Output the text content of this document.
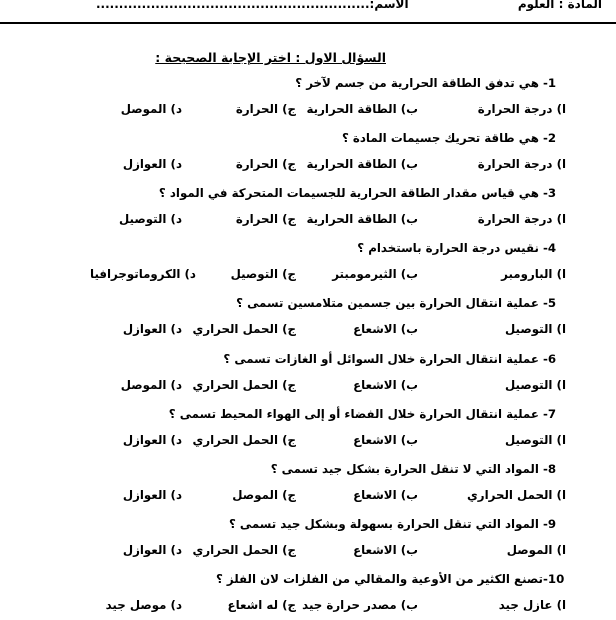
المادة : العلوم
الاسم:............................................................
السؤال الاول : اختر الإجابة الصحيحة :
1- هي تدفق الطاقة الحرارية من جسم لآخر ؟
ا) درجة الحرارة
ب) الطاقة الحرارية
ج) الحرارة
د) الموصل
2- هي طاقة تحريك جسيمات المادة ؟
ا) درجة الحرارة
ب) الطاقة الحرارية
ج) الحرارة
د) العوازل
3- هي قياس مقدار الطاقة الحرارية للجسيمات المتحركة في المواد ؟
ا) درجة الحرارة
ب) الطاقة الحرارية
ج) الحرارة
د) التوصيل
4- نقيس درجة الحرارة باستخدام ؟
ا) البارومبر
ب) الثيرمومبتر
ج) التوصيل
د) الكروماتوجرافيا
5- عملية انتقال الحرارة بين جسمين متلامسين تسمى ؟
ا) التوصيل
ب) الاشعاع
ج) الحمل الحراري
د) العوازل
6- عملية انتقال الحرارة خلال السوائل أو الغازات تسمى ؟
ا) التوصيل
ب) الاشعاع
ج) الحمل الحراري
د) الموصل
7- عملية انتقال الحرارة خلال الفضاء أو إلى الهواء المحيط تسمى ؟
ا) التوصيل
ب) الاشعاع
ج) الحمل الحراري
د) العوازل
8- المواد التي لا تنقل الحرارة بشكل جيد تسمى ؟
ا) الحمل الحراري
ب) الاشعاع
ج) الموصل
د) العوازل
9- المواد التي تنقل الحرارة بسهولة وبشكل جيد تسمى ؟
ا) الموصل
ب) الاشعاع
ج) الحمل الحراري
د) العوازل
10-تصنع الكثير من الأوعية والمقالي من الفلزات لان الفلز ؟
ا) عازل جيد
ب) مصدر حرارة جيد
ج) له اشعاع
د) موصل جيد
